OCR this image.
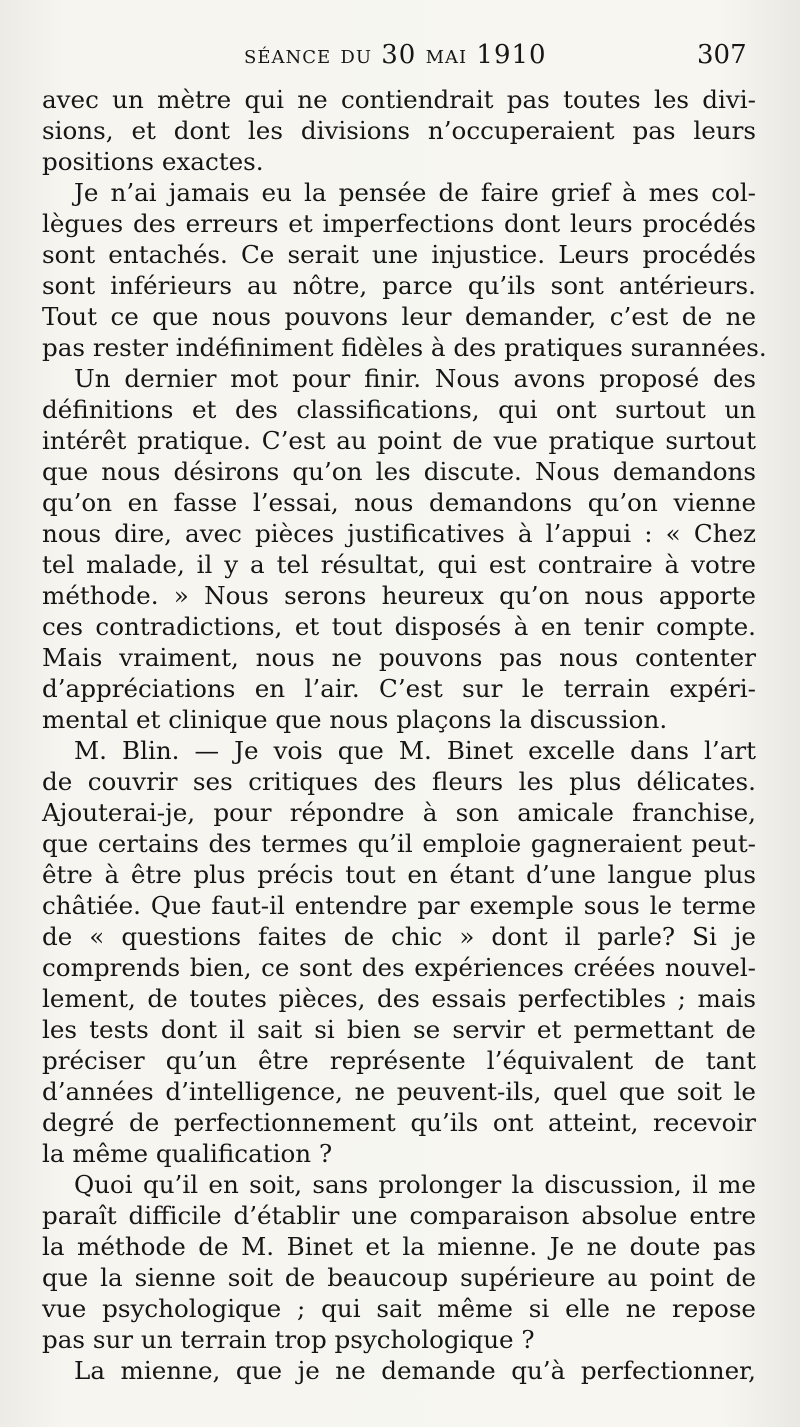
séance du 30 mai 1910	307
avec un mètre qui ne contiendrait pas toutes les divi-
sions, et dont les divisions n’occuperaient pas leurs
positions exactes.
Je n’ai jamais eu la pensée de faire grief à mes col-
lègues des erreurs et imperfections dont leurs procédés
sont entachés. Ce serait une injustice. Leurs procédés
sont inférieurs au nôtre, parce qu’ils sont antérieurs.
Tout ce que nous pouvons leur demander, c’est de ne
pas rester indéfiniment fidèles à des pratiques surannées.
Un dernier mot pour finir. Nous avons proposé des
définitions et des classifications, qui ont surtout un
intérêt pratique. C’est au point de vue pratique surtout
que nous désirons qu’on les discute. Nous demandons
qu’on en fasse l’essai, nous demandons qu’on vienne
nous dire, avec pièces justificatives à l’appui : « Chez
tel malade, il y a tel résultat, qui est contraire à votre
méthode. » Nous serons heureux qu’on nous apporte
ces contradictions, et tout disposés à en tenir compte.
Mais vraiment, nous ne pouvons pas nous contenter
d’appréciations en l’air. C’est sur le terrain expéri-
mental et clinique que nous plaçons la discussion.
M. Blin. — Je vois que M. Binet excelle dans l’art
de couvrir ses critiques des fleurs les plus délicates.
Ajouterai-je, pour répondre à son amicale franchise,
que certains des termes qu’il emploie gagneraient peut-
être à être plus précis tout en étant d’une langue plus
châtiée. Que faut-il entendre par exemple sous le terme
de « questions faites de chic » dont il parle? Si je
comprends bien, ce sont des expériences créées nouvel-
lement, de toutes pièces, des essais perfectibles ; mais
les tests dont il sait si bien se servir et permettant de
préciser qu’un être représente l’équivalent de tant
d’années d’intelligence, ne peuvent-ils, quel que soit le
degré de perfectionnement qu’ils ont atteint, recevoir
la même qualification ?
Quoi qu’il en soit, sans prolonger la discussion, il me
paraît difficile d’établir une comparaison absolue entre
la méthode de M. Binet et la mienne. Je ne doute pas
que la sienne soit de beaucoup supérieure au point de
vue psychologique ; qui sait même si elle ne repose
pas sur un terrain trop psychologique ?
La mienne, que je ne demande qu’à perfectionner,
